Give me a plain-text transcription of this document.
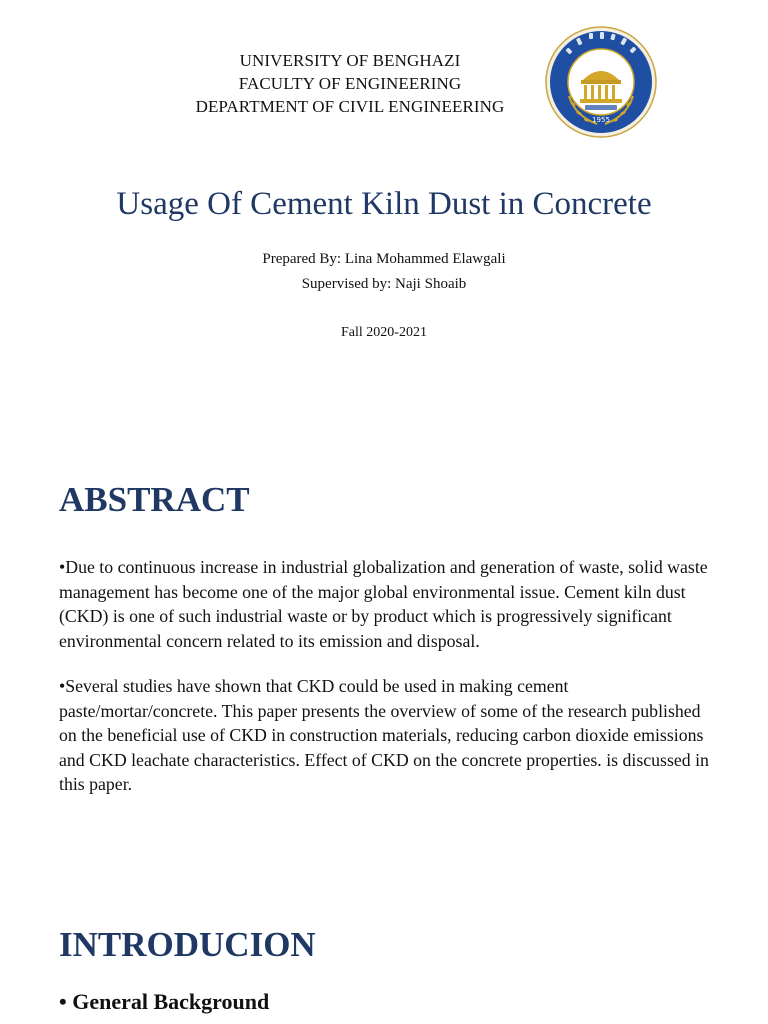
UNIVERSITY OF BENGHAZI
FACULTY OF ENGINEERING
DEPARTMENT OF CIVIL ENGINEERING
1955
Usage Of Cement Kiln Dust in Concrete
Prepared By: Lina Mohammed Elawgali
Supervised by: Naji Shoaib
Fall 2020-2021
ABSTRACT
•Due to continuous increase in industrial globalization and generation of waste, solid waste management has become one of the major global environmental issue. Cement kiln dust (CKD) is one of such industrial waste or by product which is progressively significant environmental concern related to its emission and disposal.
•Several studies have shown that CKD could be used in making cement paste/mortar/concrete. This paper presents the overview of some of the research published on the beneficial use of CKD in construction materials, reducing carbon dioxide emissions and CKD leachate characteristics. Effect of CKD on the concrete properties. is discussed in this paper.
INTRODUCION
• General Background
